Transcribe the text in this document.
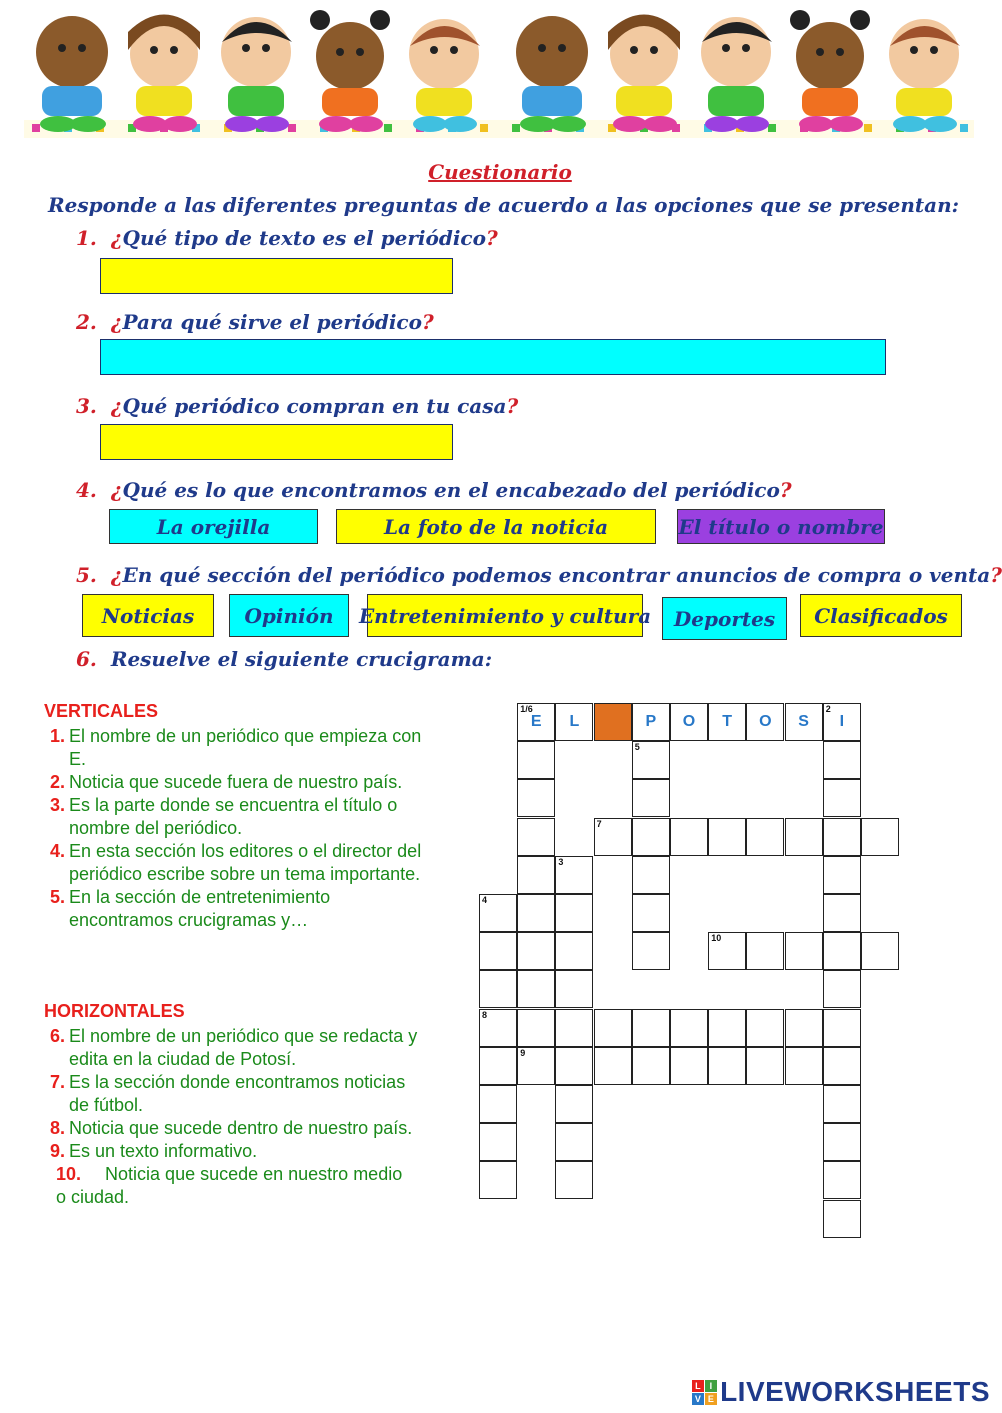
Cuestionario
Responde a las diferentes preguntas de acuerdo a las opciones que se presentan:
1. ¿Qué tipo de texto es el periódico?
2. ¿Para qué sirve el periódico?
3. ¿Qué periódico compran en tu casa?
4. ¿Qué es lo que encontramos en el encabezado del periódico?
La orejilla	La foto de la noticia	El título o nombre
5. ¿En qué sección del periódico podemos encontrar anuncios de compra o venta?
Noticias	Opinión	Entretenimiento y cultura	Deportes	Clasificados
6. Resuelve el siguiente crucigrama:
VERTICALES
1. El nombre de un periódico que empieza con E.
2. Noticia que sucede fuera de nuestro país.
3. Es la parte donde se encuentra el título o nombre del periódico.
4. En esta sección los editores o el director del periódico escribe sobre un tema importante.
5. En la sección de entretenimiento encontramos crucigramas y…
HORIZONTALES
6. El nombre de un periódico que se redacta y edita en la ciudad de Potosí.
7. Es la sección donde encontramos noticias de fútbol.
8. Noticia que sucede dentro de nuestro país.
9. Es un texto informativo.
10. Noticia que sucede en nuestro medio o ciudad.
1/6
E	L	P	O	T	O	S
2
I
5
7
3
4
8
9
10
L I
V E LIVEWORKSHEETS
